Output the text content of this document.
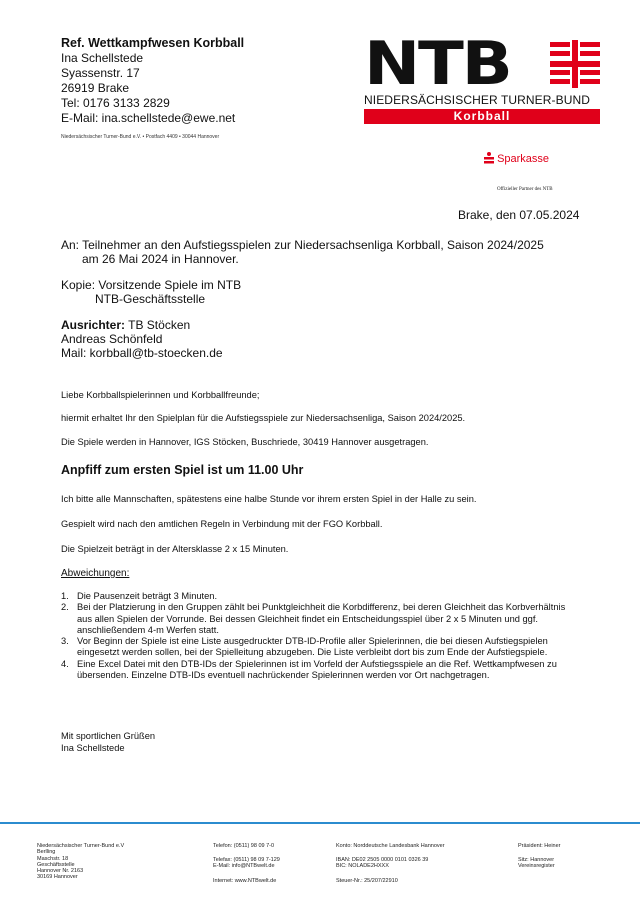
Ref. Wettkampfwesen Korbball
Ina Schellstede
Syassenstr. 17
26919 Brake
Tel: 0176 3133 2829
E-Mail: ina.schellstede@ewe.net
Niedersächsischer Turner-Bund e.V. • Postfach 4409 • 30044 Hannover
NTB
NIEDERSÄCHSISCHER TURNER-BUND
Korbball
Sparkasse
Offizieller Partner des NTB
Brake, den 07.05.2024
An: Teilnehmer an den Aufstiegsspielen zur Niedersachsenliga Korbball, Saison 2024/2025
am 26 Mai 2024 in Hannover.
Kopie: Vorsitzende Spiele im NTB
NTB-Geschäftsstelle
Ausrichter: TB Stöcken
Andreas Schönfeld
Mail: korbball@tb-stoecken.de
Liebe Korbballspielerinnen und Korbballfreunde;
hiermit erhaltet Ihr den Spielplan für die Aufstiegsspiele zur Niedersachsenliga, Saison 2024/2025.
Die Spiele werden in Hannover, IGS Stöcken, Buschriede, 30419 Hannover ausgetragen.
Anpfiff zum ersten Spiel ist um 11.00 Uhr
Ich bitte alle Mannschaften, spätestens eine halbe Stunde vor ihrem ersten Spiel in der Halle zu sein.
Gespielt wird nach den amtlichen Regeln in Verbindung mit der FGO Korbball.
Die Spielzeit beträgt in der Altersklasse 2 x 15 Minuten.
Abweichungen:
1. Die Pausenzeit beträgt 3 Minuten.
2. Bei der Platzierung in den Gruppen zählt bei Punktgleichheit die Korbdifferenz, bei deren Gleichheit das Korbverhältnis aus allen Spielen der Vorrunde. Bei dessen Gleichheit findet ein Entscheidungsspiel über 2 x 5 Minuten und ggf. anschließendem 4-m Werfen statt.
3. Vor Beginn der Spiele ist eine Liste ausgedruckter DTB-ID-Profile aller Spielerinnen, die bei diesen Aufstiegspielen eingesetzt werden sollen, bei der Spielleitung abzugeben. Die Liste verbleibt dort bis zum Ende der Aufstiegspiele.
4. Eine Excel Datei mit den DTB-IDs der Spielerinnen ist im Vorfeld der Aufstiegsspiele an die Ref. Wettkampfwesen zu übersenden. Einzelne DTB-IDs eventuell nachrückender Spielerinnen werden vor Ort nachgetragen.
Mit sportlichen Grüßen
Ina Schellstede
Niedersächsischer Turner-Bund e.V
Berlling
Maschstr. 18
Geschäftsstelle
Hannover Nr. 2163
30169 Hannover
Telefon: (0511) 98 09 7-0
Telefax: (0511) 98 09 7-129
E-Mail: info@NTBwelt.de
Internet: www.NTBwelt.de
Konto: Norddeutsche Landesbank Hannover
IBAN: DE02 2505 0000 0101 0326 39
BIC: NOLADE2HXXX
Steuer-Nr.: 25/207/22910
Präsident: Heiner
Sitz: Hannover
Vereinsregister
